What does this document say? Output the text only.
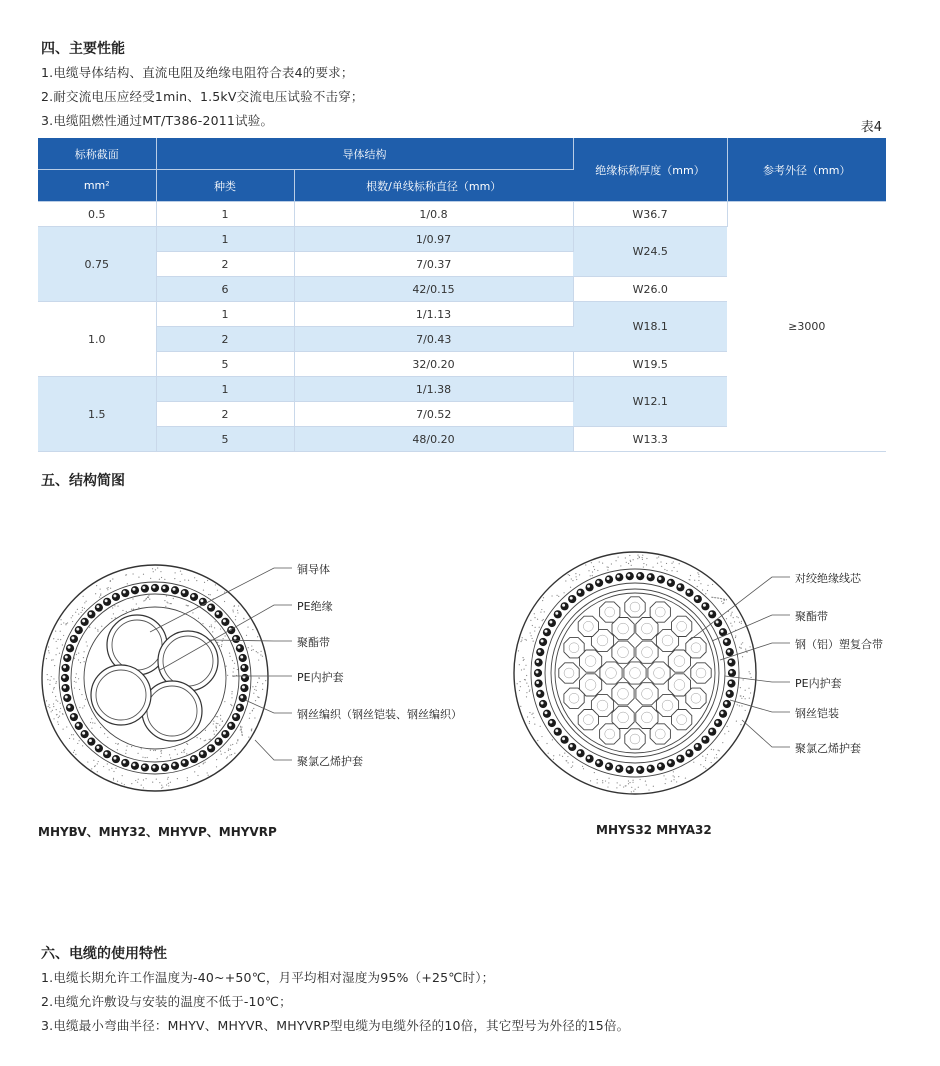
四、主要性能
1.电缆导体结构、直流电阻及绝缘电阻符合表4的要求；
2.耐交流电压应经受1min、1.5kV交流电压试验不击穿；
3.电缆阻燃性通过MT/T386-2011试验。	表4
标称截面	导体结构		绝缘标称厚度（mm）	参考外径（mm）
mm²	种类	根数/单线标称直径（mm）		
0.5	1	1/0.8	W36.7	≥3000
0.75	1	1/0.97	W24.5	
	2	7/0.37		
	6	42/0.15	W26.0	
1.0	1	1/1.13	W18.1	
	2	7/0.43		
	5	32/0.20	W19.5	
1.5	1	1/1.38	W12.1	
	2	7/0.52		
	5	48/0.20	W13.3	
五、结构简图
铜导体
PE绝缘
聚酯带
PE内护套
钢丝编织（钢丝铠装、钢丝编织）
聚氯乙烯护套
对绞绝缘线芯
聚酯带
钢（铝）塑复合带
PE内护套
钢丝铠装
聚氯乙烯护套
MHYBV、MHY32、MHYVP、MHYVRP	MHYS32 MHYA32
六、电缆的使用特性
1.电缆长期允许工作温度为-40~+50℃，月平均相对湿度为95%（+25℃时）；
2.电缆允许敷设与安装的温度不低于-10℃；
3.电缆最小弯曲半径：MHYV、MHYVR、MHYVRP型电缆为电缆外径的10倍，其它型号为外径的15倍。
